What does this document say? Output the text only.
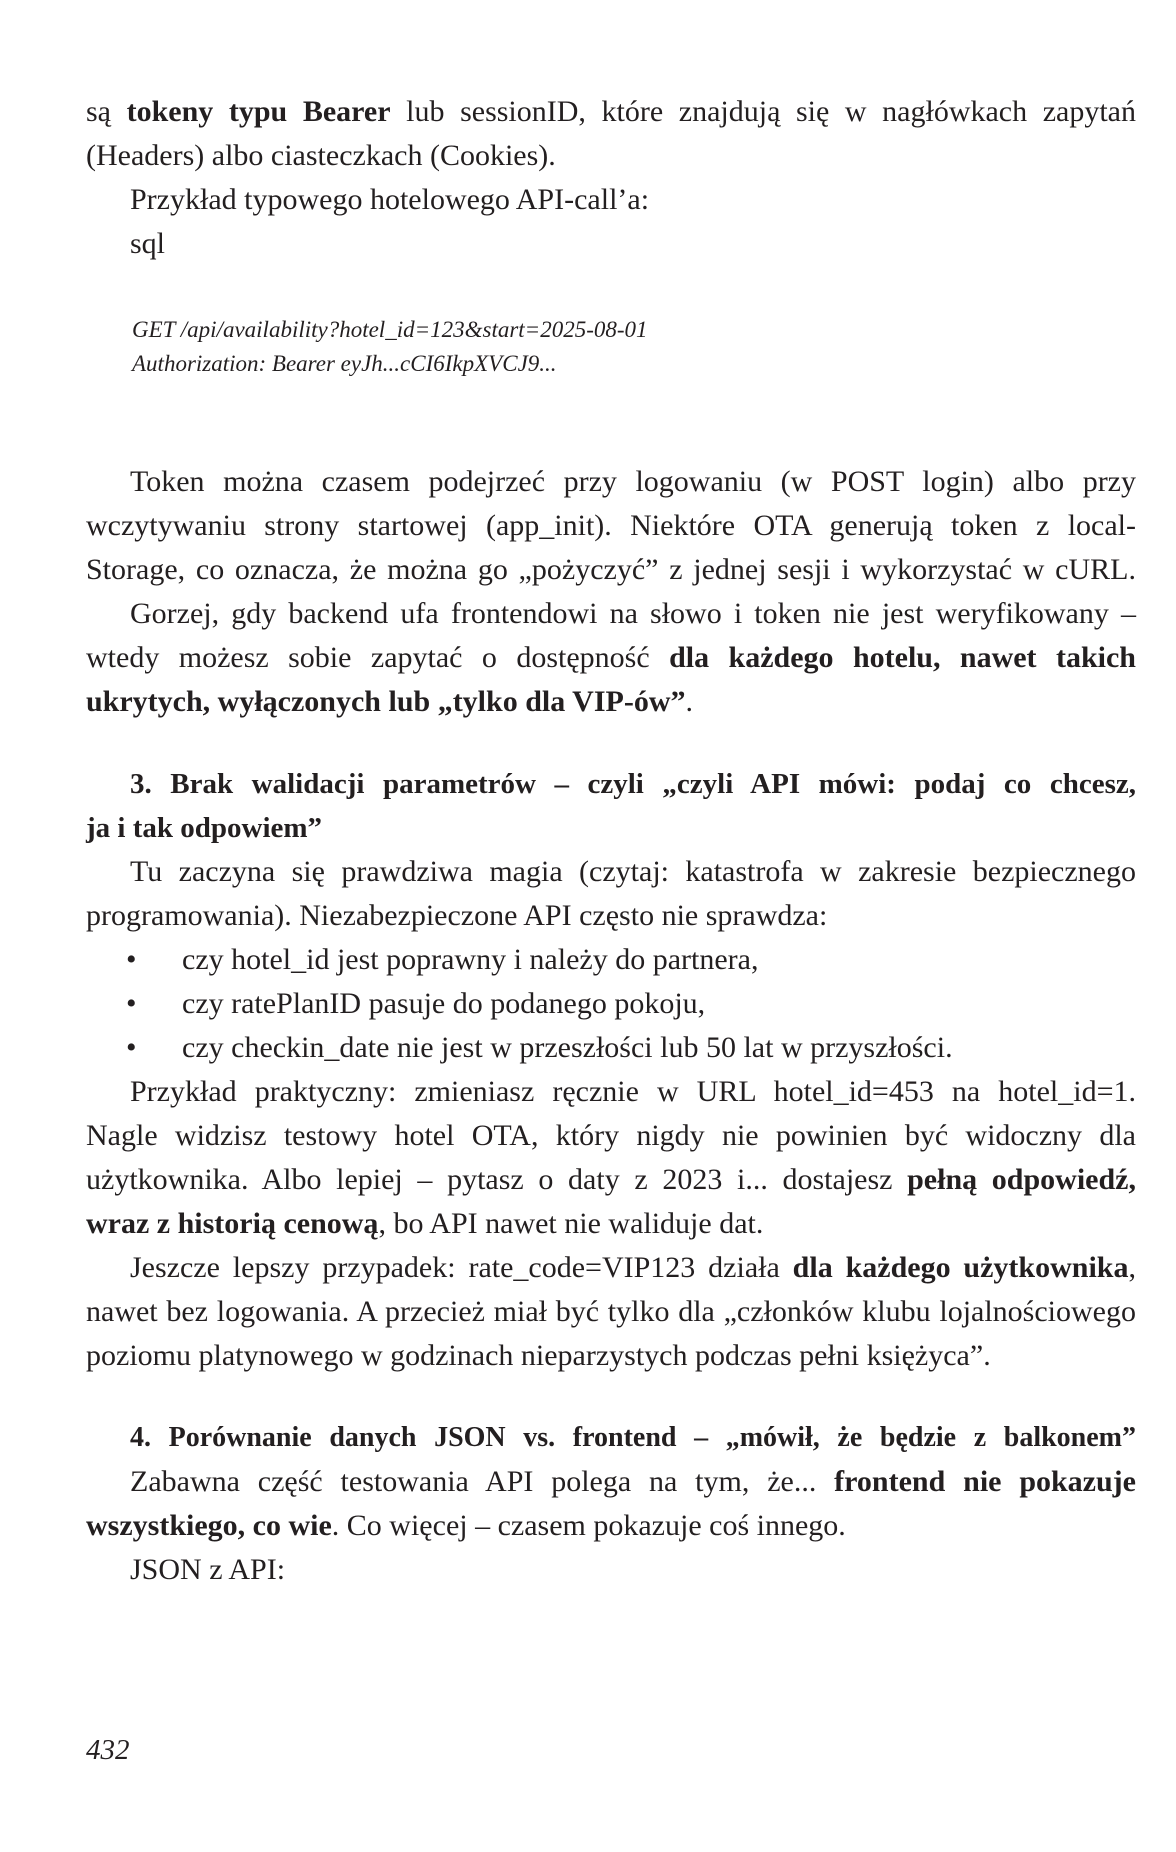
są tokeny typu Bearer lub sessionID, które znajdują się w nagłówkach zapytań
(Headers) albo ciasteczkach (Cookies).
Przykład typowego hotelowego API-call’a:
sql
GET /api/availability?hotel_id=123&start=2025-08-01
Authorization: Bearer eyJh...cCI6IkpXVCJ9...
Token można czasem podejrzeć przy logowaniu (w POST login) albo przy
wczytywaniu strony startowej (app_init). Niektóre OTA generują token z local-
Storage, co oznacza, że można go „pożyczyć” z jednej sesji i wykorzystać w cURL.
Gorzej, gdy backend ufa frontendowi na słowo i token nie jest weryfikowany –
wtedy możesz sobie zapytać o dostępność dla każdego hotelu, nawet takich
ukrytych, wyłączonych lub „tylko dla VIP-ów”.
3. Brak walidacji parametrów – czyli „czyli API mówi: podaj co chcesz,
ja i tak odpowiem”
Tu zaczyna się prawdziwa magia (czytaj: katastrofa w zakresie bezpiecznego
programowania). Niezabezpieczone API często nie sprawdza:
• czy hotel_id jest poprawny i należy do partnera,
• czy ratePlanID pasuje do podanego pokoju,
• czy checkin_date nie jest w przeszłości lub 50 lat w przyszłości.
Przykład praktyczny: zmieniasz ręcznie w URL hotel_id=453 na hotel_id=1.
Nagle widzisz testowy hotel OTA, który nigdy nie powinien być widoczny dla
użytkownika. Albo lepiej – pytasz o daty z 2023 i... dostajesz pełną odpowiedź,
wraz z historią cenową, bo API nawet nie waliduje dat.
Jeszcze lepszy przypadek: rate_code=VIP123 działa dla każdego użytkownika,
nawet bez logowania. A przecież miał być tylko dla „członków klubu lojalnościowego
poziomu platynowego w godzinach nieparzystych podczas pełni księżyca”.
4. Porównanie danych JSON vs. frontend – „mówił, że będzie z balkonem”
Zabawna część testowania API polega na tym, że... frontend nie pokazuje
wszystkiego, co wie. Co więcej – czasem pokazuje coś innego.
JSON z API:
432
